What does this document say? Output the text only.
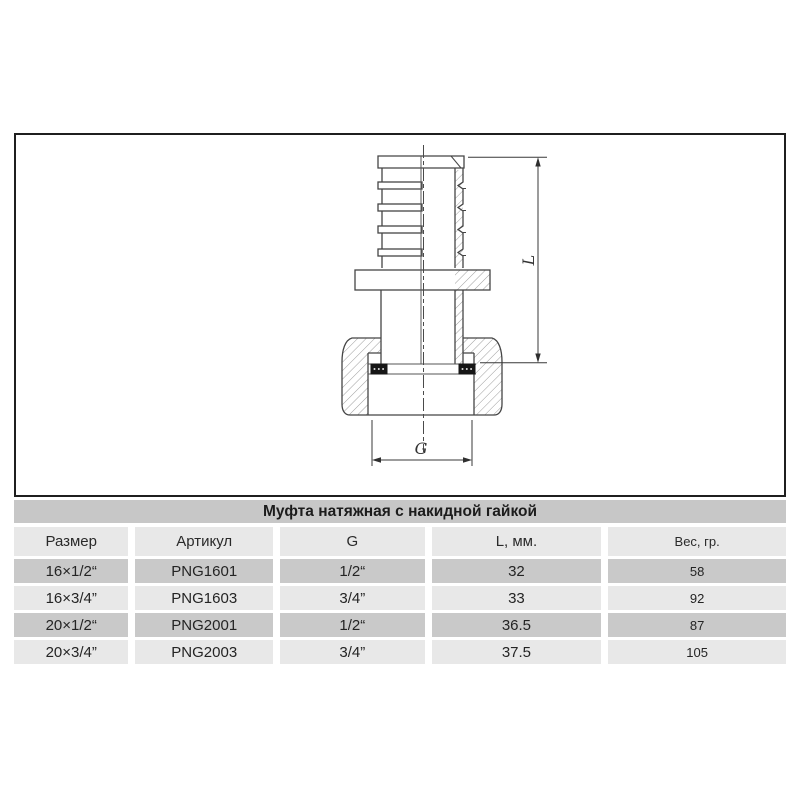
L
G
Муфта натяжная с накидной гайкой
Размер	Артикул	G	L, мм.	Вес, гр.
16×1/2“	PNG1601	1/2“	32	58
16×3/4”	PNG1603	3/4”	33	92
20×1/2“	PNG2001	1/2“	36.5	87
20×3/4”	PNG2003	3/4”	37.5	105
